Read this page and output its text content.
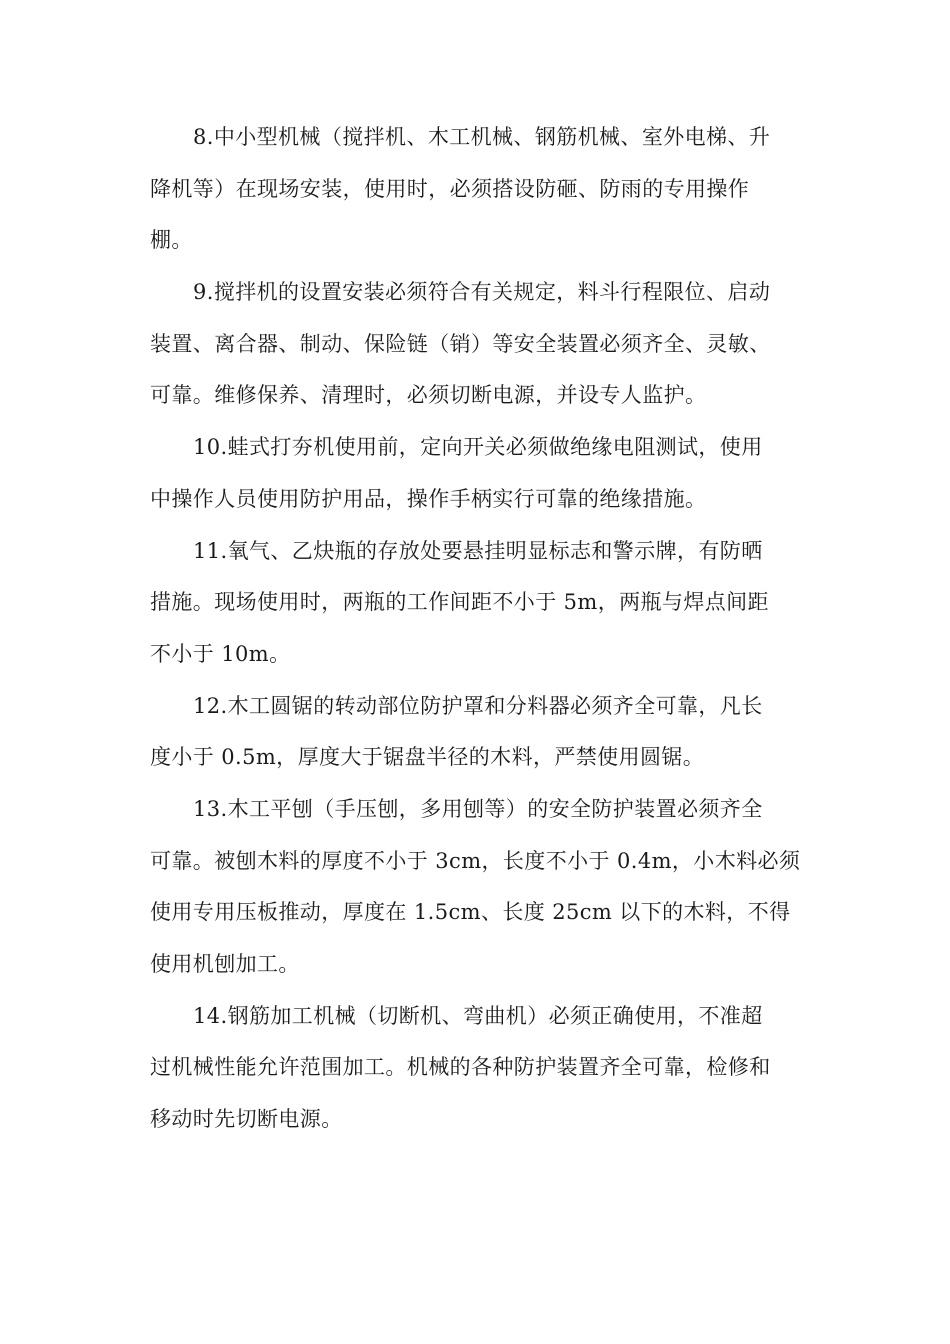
8.中小型机械（搅拌机、木工机械、钢筋机械、室外电梯、升
降机等）在现场安装，使用时，必须搭设防砸、防雨的专用操作
棚。
9.搅拌机的设置安装必须符合有关规定，料斗行程限位、启动
装置、离合器、制动、保险链（销）等安全装置必须齐全、灵敏、
可靠。维修保养、清理时，必须切断电源，并设专人监护。
10.蛙式打夯机使用前，定向开关必须做绝缘电阻测试，使用
中操作人员使用防护用品，操作手柄实行可靠的绝缘措施。
11.氧气、乙炔瓶的存放处要悬挂明显标志和警示牌，有防晒
措施。现场使用时，两瓶的工作间距不小于 5m，两瓶与焊点间距
不小于 10m。
12.木工圆锯的转动部位防护罩和分料器必须齐全可靠，凡长
度小于 0.5m，厚度大于锯盘半径的木料，严禁使用圆锯。
13.木工平刨（手压刨，多用刨等）的安全防护装置必须齐全
可靠。被刨木料的厚度不小于 3cm，长度不小于 0.4m，小木料必须
使用专用压板推动，厚度在 1.5cm、长度 25cm 以下的木料，不得
使用机刨加工。
14.钢筋加工机械（切断机、弯曲机）必须正确使用，不准超
过机械性能允许范围加工。机械的各种防护装置齐全可靠，检修和
移动时先切断电源。
